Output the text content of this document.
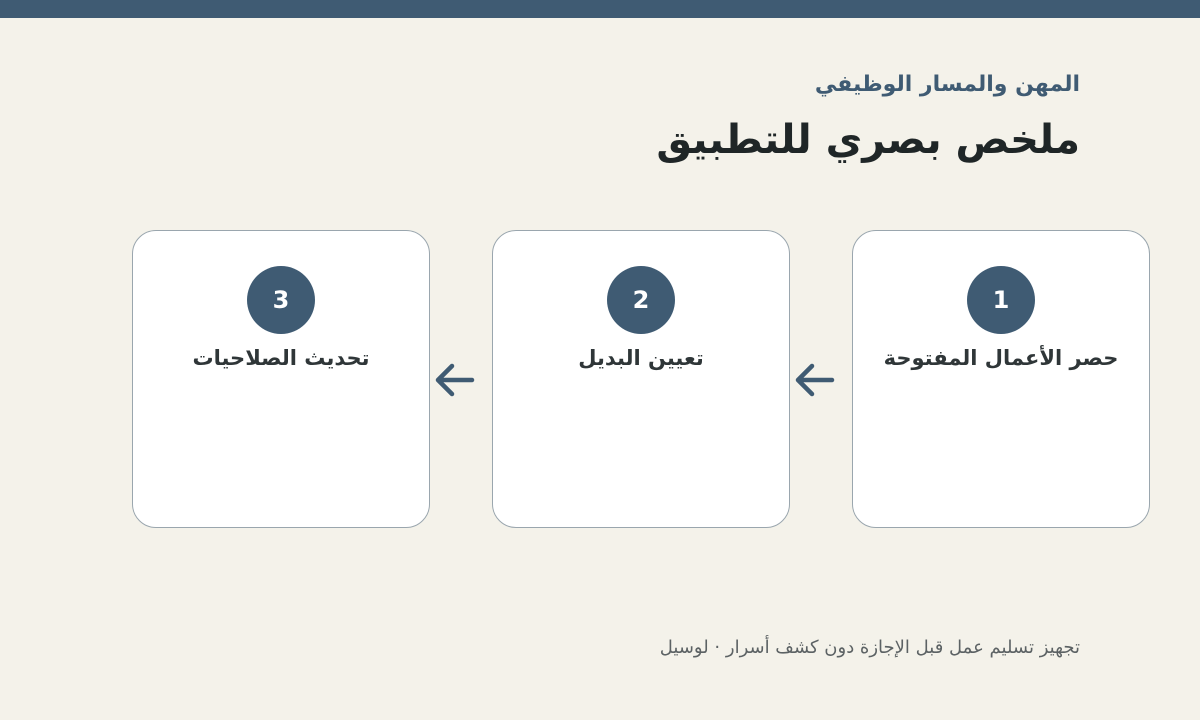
المهن والمسار الوظيفي
ملخص بصري للتطبيق
1
حصر الأعمال المفتوحة
2
تعيين البديل
3
تحديث الصلاحيات

تجهيز تسليم عمل قبل الإجازة دون كشف أسرار · لوسيل
